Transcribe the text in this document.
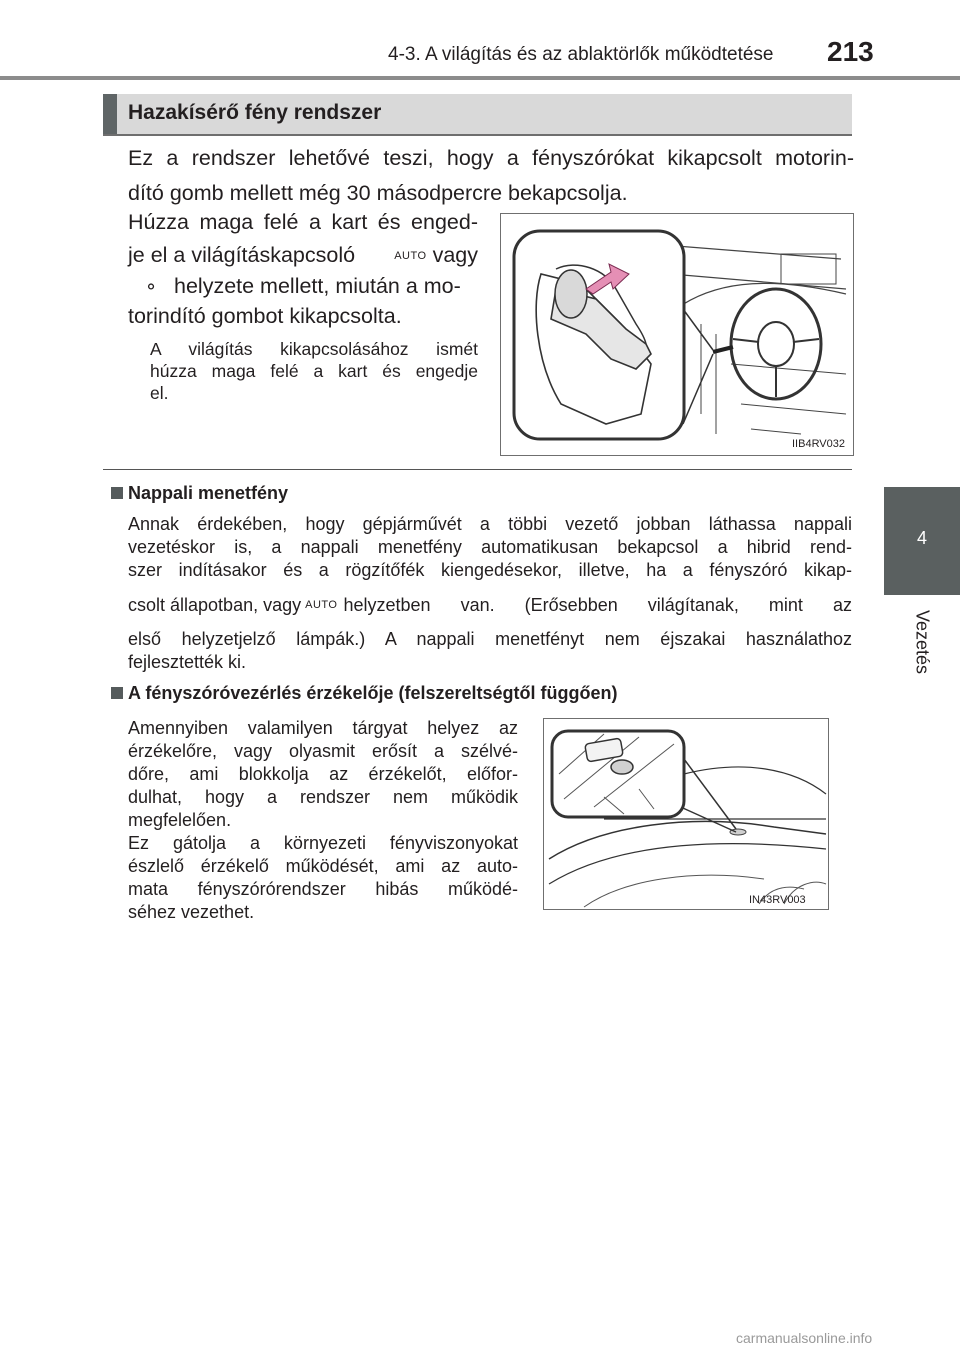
4-3. A világítás és az ablaktörlők működtetése 213
4
Vezetés
Hazakísérő fény rendszer
Ez a rendszer lehetővé teszi, hogy a fényszórókat kikapcsolt motorin-
dító gomb mellett még 30 másodpercre bekapcsolja.
Húzza maga felé a kart és enged-
je el a világításkapcsoló	AUTO vagy
⚬ helyzete mellett, miután a mo-
torindító gombot kikapcsolta.
A világítás kikapcsolásához ismét
húzza maga felé a kart és engedje
el.
IIB4RV032
Nappali menetfény
Annak érdekében, hogy gépjárművét a többi vezető jobban láthassa nappali
vezetéskor is, a nappali menetfény automatikusan bekapcsol a hibrid rend-
szer indításakor és a rögzítőfék kiengedésekor, illetve, ha a fényszóró kikap-
csolt állapotban, vagy AUTO helyzetben van. (Erősebben világítanak, mint az
első helyzetjelző lámpák.) A nappali menetfényt nem éjszakai használathoz
fejlesztették ki.
A fényszóróvezérlés érzékelője (felszereltségtől függően)
Amennyiben valamilyen tárgyat helyez az
érzékelőre, vagy olyasmit erősít a szélvé-
dőre, ami blokkolja az érzékelőt, előfor-
dulhat, hogy a rendszer nem működik
megfelelően.
Ez gátolja a környezeti fényviszonyokat
észlelő érzékelő működését, ami az auto-
mata fényszórórendszer hibás működé-
séhez vezethet.
IN43RV003
carmanualsonline.info
